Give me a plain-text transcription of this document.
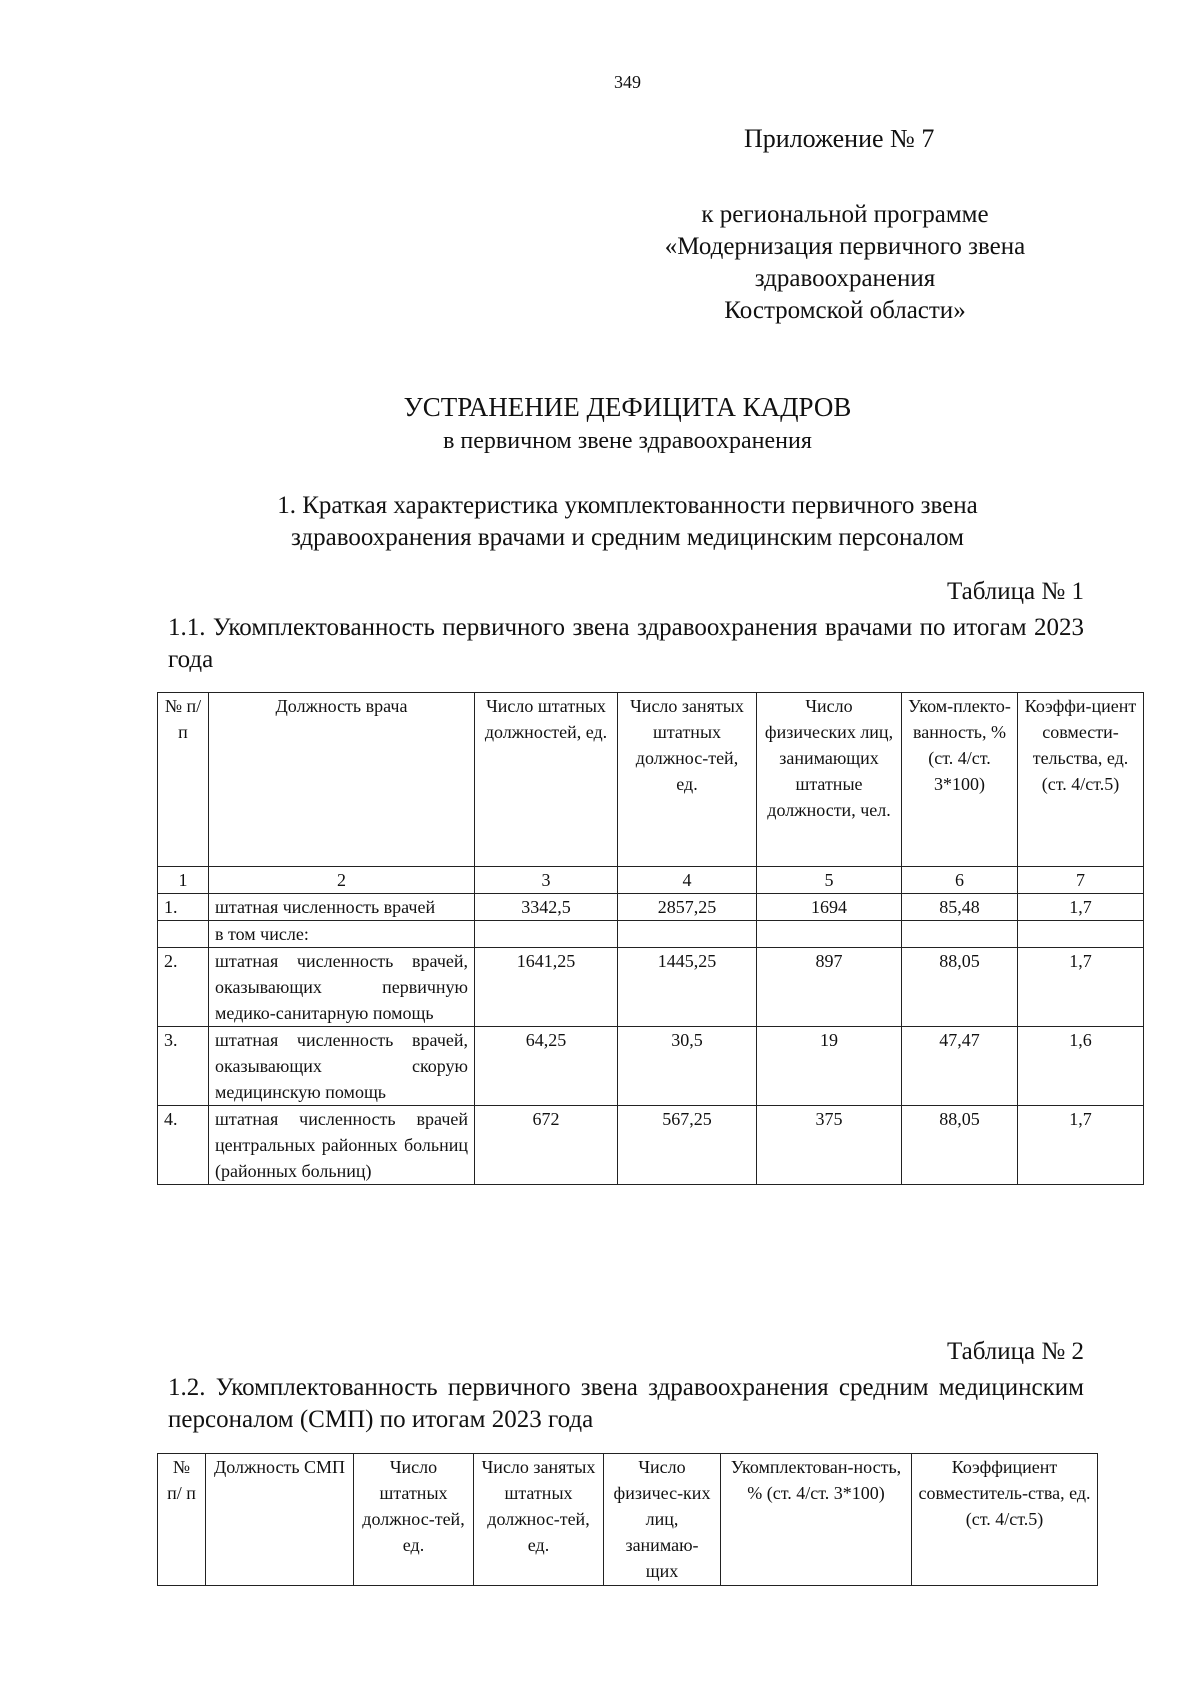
349
Приложение № 7
к региональной программе
«Модернизация первичного звена
здравоохранения
Костромской области»
УСТРАНЕНИЕ ДЕФИЦИТА КАДРОВ
в первичном звене здравоохранения
1. Краткая характеристика укомплектованности первичного звена
здравоохранения врачами и средним медицинским персоналом
Таблица № 1
1.1. Укомплектованность первичного звена здравоохранения врачами по итогам 2023 года
№ п/п	Должность врача	Число штатных должностей, ед.	Число занятых штатных должнос-тей, ед.	Число физических лиц, занимающих штатные должности, чел.	Уком-плекто-ванность, % (ст. 4/ст. 3*100)	Коэффи-циент совмести-тельства, ед. (ст. 4/ст.5)
1	2	3	4	5	6	7
1.	штатная численность врачей	3342,5	2857,25	1694	85,48	1,7
	в том числе:					
2.	штатная численность врачей, оказывающих первичную медико-санитарную помощь	1641,25	1445,25	897	88,05	1,7
3.	штатная численность врачей, оказывающих скорую медицинскую помощь	64,25	30,5	19	47,47	1,6
4.	штатная численность врачей центральных районных больниц (районных больниц)	672	567,25	375	88,05	1,7
Таблица № 2
1.2. Укомплектованность первичного звена здравоохранения средним медицинским персоналом (СМП) по итогам 2023 года
№ п/ п	Должность СМП	Число штатных должнос-тей, ед.	Число занятых штатных должнос-тей, ед.	Число физичес-ких лиц, занимаю-щих	Укомплектован-ность, % (ст. 4/ст. 3*100)	Коэффициент совместитель-ства, ед. (ст. 4/ст.5)
